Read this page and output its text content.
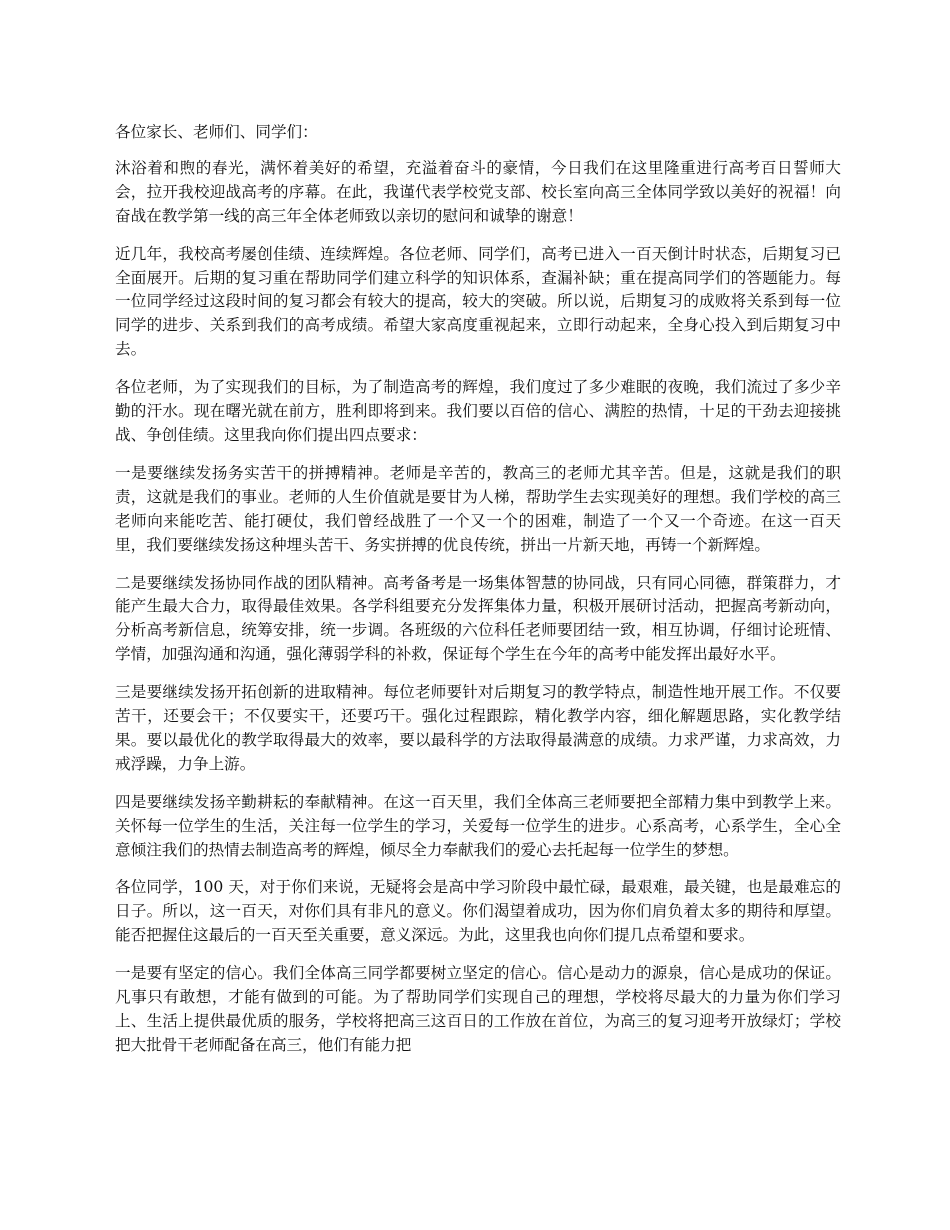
各位家长、老师们、同学们：

沐浴着和煦的春光，满怀着美好的希望，充溢着奋斗的豪情，今日我们在这里隆重进行高考百日誓师大会，拉开我校迎战高考的序幕。在此，我谨代表学校党支部、校长室向高三全体同学致以美好的祝福！向奋战在教学第一线的高三年全体老师致以亲切的慰问和诚挚的谢意！

近几年，我校高考屡创佳绩、连续辉煌。各位老师、同学们，高考已进入一百天倒计时状态，后期复习已全面展开。后期的复习重在帮助同学们建立科学的知识体系，查漏补缺；重在提高同学们的答题能力。每一位同学经过这段时间的复习都会有较大的提高，较大的突破。所以说，后期复习的成败将关系到每一位同学的进步、关系到我们的高考成绩。希望大家高度重视起来，立即行动起来，全身心投入到后期复习中去。

各位老师，为了实现我们的目标，为了制造高考的辉煌，我们度过了多少难眠的夜晚，我们流过了多少辛勤的汗水。现在曙光就在前方，胜利即将到来。我们要以百倍的信心、满腔的热情，十足的干劲去迎接挑战、争创佳绩。这里我向你们提出四点要求：

一是要继续发扬务实苦干的拼搏精神。老师是辛苦的，教高三的老师尤其辛苦。但是，这就是我们的职责，这就是我们的事业。老师的人生价值就是要甘为人梯，帮助学生去实现美好的理想。我们学校的高三老师向来能吃苦、能打硬仗，我们曾经战胜了一个又一个的困难，制造了一个又一个奇迹。在这一百天里，我们要继续发扬这种埋头苦干、务实拼搏的优良传统，拼出一片新天地，再铸一个新辉煌。

二是要继续发扬协同作战的团队精神。高考备考是一场集体智慧的协同战，只有同心同德，群策群力，才能产生最大合力，取得最佳效果。各学科组要充分发挥集体力量，积极开展研讨活动，把握高考新动向，分析高考新信息，统筹安排，统一步调。各班级的六位科任老师要团结一致，相互协调，仔细讨论班情、学情，加强沟通和沟通，强化薄弱学科的补救，保证每个学生在今年的高考中能发挥出最好水平。

三是要继续发扬开拓创新的进取精神。每位老师要针对后期复习的教学特点，制造性地开展工作。不仅要苦干，还要会干；不仅要实干，还要巧干。强化过程跟踪，精化教学内容，细化解题思路，实化教学结果。要以最优化的教学取得最大的效率，要以最科学的方法取得最满意的成绩。力求严谨，力求高效，力戒浮躁，力争上游。

四是要继续发扬辛勤耕耘的奉献精神。在这一百天里，我们全体高三老师要把全部精力集中到教学上来。关怀每一位学生的生活，关注每一位学生的学习，关爱每一位学生的进步。心系高考，心系学生，全心全意倾注我们的热情去制造高考的辉煌，倾尽全力奉献我们的爱心去托起每一位学生的梦想。

各位同学，100 天，对于你们来说，无疑将会是高中学习阶段中最忙碌，最艰难，最关键，也是最难忘的日子。所以，这一百天，对你们具有非凡的意义。你们渴望着成功，因为你们肩负着太多的期待和厚望。能否把握住这最后的一百天至关重要，意义深远。为此，这里我也向你们提几点希望和要求。

一是要有坚定的信心。我们全体高三同学都要树立坚定的信心。信心是动力的源泉，信心是成功的保证。凡事只有敢想，才能有做到的可能。为了帮助同学们实现自己的理想，学校将尽最大的力量为你们学习上、生活上提供最优质的服务，学校将把高三这百日的工作放在首位，为高三的复习迎考开放绿灯；学校把大批骨干老师配备在高三，他们有能力把
